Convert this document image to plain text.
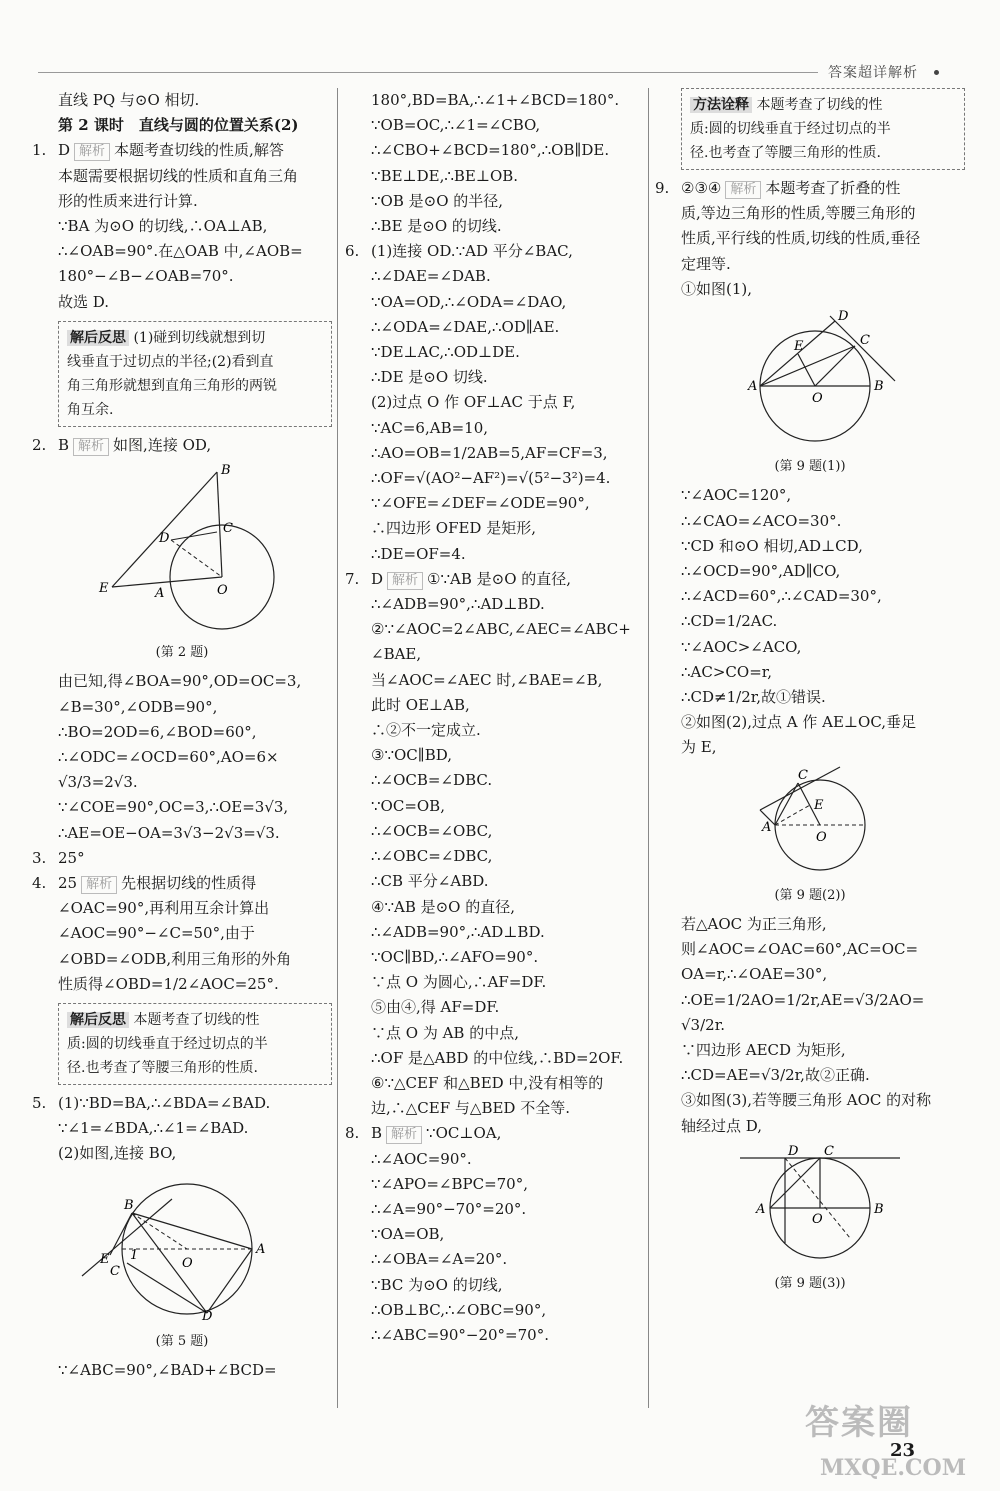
答案超详解析
直线 PQ 与⊙O 相切.
第 2 课时　直线与圆的位置关系(2)
1. D 解析 本题考查切线的性质,解答
本题需要根据切线的性质和直角三角
形的性质来进行计算.
∵BA 为⊙O 的切线,∴OA⊥AB,
∴∠OAB=90°.在△OAB 中,∠AOB=
180°−∠B−∠OAB=70°.
故选 D.
解后反思 (1)碰到切线就想到切
线垂直于过切点的半径;(2)看到直
角三角形就想到直角三角形的两锐
角互余.
2. B 解析 如图,连接 OD,
B
C
D
E	A	O
(第 2 题)
由已知,得∠BOA=90°,OD=OC=3,
∠B=30°,∠ODB=90°,
∴BO=2OD=6,∠BOD=60°,
∴∠ODC=∠OCD=60°,AO=6×
√3/3=2√3.
∵∠COE=90°,OC=3,∴OE=3√3,
∴AE=OE−OA=3√3−2√3=√3.
3. 25°
4. 25 解析 先根据切线的性质得
∠OAC=90°,再利用互余计算出
∠AOC=90°−∠C=50°,由于
∠OBD=∠ODB,利用三角形的外角
性质得∠OBD=1/2∠AOC=25°.
解后反思 本题考查了切线的性
质:圆的切线垂直于经过切点的半
径.也考查了等腰三角形的性质.
5. (1)∵BD=BA,∴∠BDA=∠BAD.
∵∠1=∠BDA,∴∠1=∠BAD.
(2)如图,连接 BO,
B
E 1
C
O
A
D
(第 5 题)
∵∠ABC=90°,∠BAD+∠BCD=
180°,BD=BA,∴∠1+∠BCD=180°.
∵OB=OC,∴∠1=∠CBO,
∴∠CBO+∠BCD=180°,∴OB∥DE.
∵BE⊥DE,∴BE⊥OB.
∵OB 是⊙O 的半径,
∴BE 是⊙O 的切线.
6. (1)连接 OD.∵AD 平分∠BAC,
∴∠DAE=∠DAB.
∵OA=OD,∴∠ODA=∠DAO,
∴∠ODA=∠DAE,∴OD∥AE.
∵DE⊥AC,∴OD⊥DE.
∴DE 是⊙O 切线.
(2)过点 O 作 OF⊥AC 于点 F,
∵AC=6,AB=10,
∴AO=OB=1/2AB=5,AF=CF=3,
∴OF=√(AO²−AF²)=√(5²−3²)=4.
∵∠OFE=∠DEF=∠ODE=90°,
∴四边形 OFED 是矩形,
∴DE=OF=4.
7. D 解析 ①∵AB 是⊙O 的直径,
∴∠ADB=90°,∴AD⊥BD.
②∵∠AOC=2∠ABC,∠AEC=∠ABC+
∠BAE,
当∠AOC=∠AEC 时,∠BAE=∠B,
此时 OE⊥AB,
∴②不一定成立.
③∵OC∥BD,
∴∠OCB=∠DBC.
∵OC=OB,
∴∠OCB=∠OBC,
∴∠OBC=∠DBC,
∴CB 平分∠ABD.
④∵AB 是⊙O 的直径,
∴∠ADB=90°,∴AD⊥BD.
∵OC∥BD,∴∠AFO=90°.
∵点 O 为圆心,∴AF=DF.
⑤由④,得 AF=DF.
∵点 O 为 AB 的中点,
∴OF 是△ABD 的中位线,∴BD=2OF.
⑥∵△CEF 和△BED 中,没有相等的
边,∴△CEF 与△BED 不全等.
8. B 解析 ∵OC⊥OA,
∴∠AOC=90°.
∵∠APO=∠BPC=70°,
∴∠A=90°−70°=20°.
∵OA=OB,
∴∠OBA=∠A=20°.
∵BC 为⊙O 的切线,
∴OB⊥BC,∴∠OBC=90°,
∴∠ABC=90°−20°=70°.
方法诠释 本题考查了切线的性
质:圆的切线垂直于经过切点的半
径.也考查了等腰三角形的性质.
9. ②③④ 解析 本题考查了折叠的性
质,等边三角形的性质,等腰三角形的
性质,平行线的性质,切线的性质,垂径
定理等.
①如图(1),
D
E	C
A
O
B
(第 9 题(1))
∵∠AOC=120°,
∴∠CAO=∠ACO=30°.
∵CD 和⊙O 相切,AD⊥CD,
∴∠OCD=90°,AD∥CO,
∴∠ACD=60°,∴∠CAD=30°,
∴CD=1/2AC.
∵∠AOC>∠ACO,
∴AC>CO=r,
∴CD≠1/2r,故①错误.
②如图(2),过点 A 作 AE⊥OC,垂足
为 E,
C
E
A
O
(第 9 题(2))
若△AOC 为正三角形,
则∠AOC=∠OAC=60°,AC=OC=
OA=r,∴∠OAE=30°,
∴OE=1/2AO=1/2r,AE=√3/2AO=
√3/2r.
∵四边形 AECD 为矩形,
∴CD=AE=√3/2r,故②正确.
③如图(3),若等腰三角形 AOC 的对称
轴经过点 D,
D C
A
O
B
(第 9 题(3))
23
答案圈
MXQE.COM
